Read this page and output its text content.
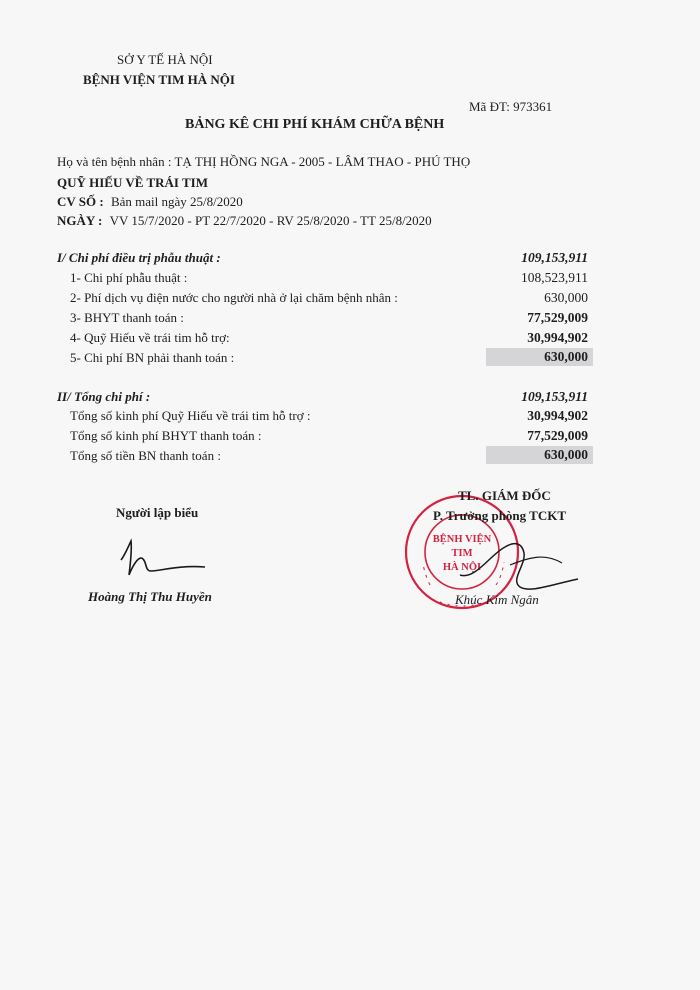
SỞ Y TẾ HÀ NỘI
BỆNH VIỆN TIM HÀ NỘI
Mã ĐT: 973361
BẢNG KÊ CHI PHÍ KHÁM CHỮA BỆNH
Họ và tên bệnh nhân : TẠ THỊ HỒNG NGA - 2005 - LÂM THAO - PHÚ THỌ
QUỸ HIẾU VỀ TRÁI TIM
CV SỐ : Bản mail ngày 25/8/2020
NGÀY : VV 15/7/2020 - PT 22/7/2020 - RV 25/8/2020 - TT 25/8/2020
I/ Chi phí điều trị phẫu thuật :	109,153,911
1- Chi phí phẫu thuật :	108,523,911
2- Phí dịch vụ điện nước cho người nhà ở lại chăm bệnh nhân :	630,000
3- BHYT thanh toán :	77,529,009
4- Quỹ Hiếu về trái tim hỗ trợ:	30,994,902
5- Chi phí BN phải thanh toán :	630,000
II/ Tổng chi phí :	109,153,911
Tổng số kinh phí Quỹ Hiếu về trái tim hỗ trợ :	30,994,902
Tổng số kinh phí BHYT thanh toán :	77,529,009
Tổng số tiền BN thanh toán :	630,000
Người lập biểu
Hoàng Thị Thu Huyền
BỆNH VIỆN
TIM
HÀ NỘI
TL. GIÁM ĐỐC
P. Trưởng phòng TCKT
Khúc Kim Ngân
